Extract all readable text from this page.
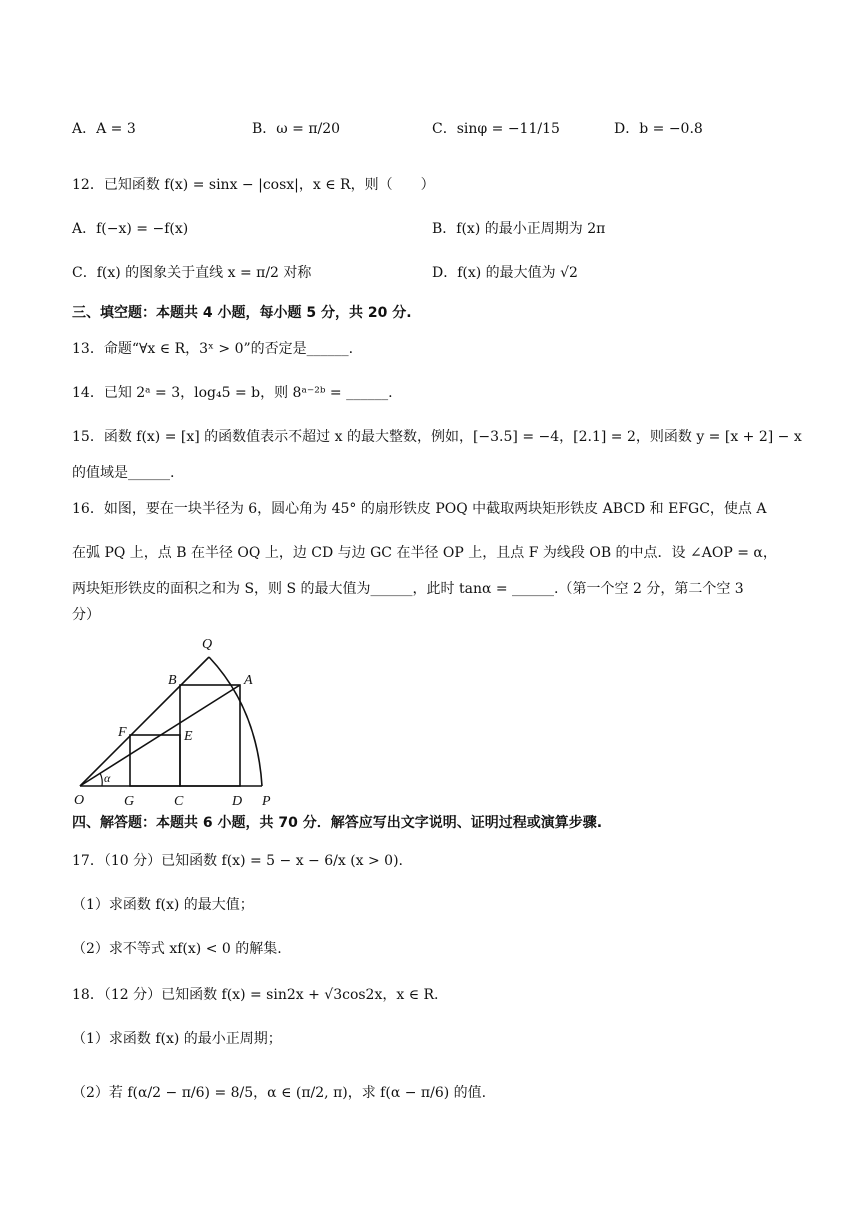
A．A = 3	B．ω = π/20	C．sinφ = −11/15	D．b = −0.8
12．已知函数 f(x) = sinx − |cosx|，x ∈ R，则（　　）
A．f(−x) = −f(x)	B．f(x) 的最小正周期为 2π
C．f(x) 的图象关于直线 x = π/2 对称	D．f(x) 的最大值为 √2
三、填空题：本题共 4 小题，每小题 5 分，共 20 分.
13．命题“∀x ∈ R，3ˣ > 0”的否定是______.
14．已知 2ᵃ = 3，log₄5 = b，则 8ᵃ⁻²ᵇ = ______.
15．函数 f(x) = [x] 的函数值表示不超过 x 的最大整数，例如，[−3.5] = −4，[2.1] = 2，则函数 y = [x + 2] − x
的值域是______.
16．如图，要在一块半径为 6，圆心角为 45° 的扇形铁皮 POQ 中截取两块矩形铁皮 ABCD 和 EFGC，使点 A
在弧 PQ 上，点 B 在半径 OQ 上，边 CD 与边 GC 在半径 OP 上，且点 F 为线段 OB 的中点．设 ∠AOP = α，
两块矩形铁皮的面积之和为 S，则 S 的最大值为______，此时 tanα = ______.（第一个空 2 分，第二个空 3
分）
Q
B	A
F	E
α
O	G	C	D P
四、解答题：本题共 6 小题，共 70 分．解答应写出文字说明、证明过程或演算步骤.
17．（10 分）已知函数 f(x) = 5 − x − 6/x (x > 0).
（1）求函数 f(x) 的最大值；
（2）求不等式 xf(x) < 0 的解集.
18．（12 分）已知函数 f(x) = sin2x + √3cos2x，x ∈ R.
（1）求函数 f(x) 的最小正周期；
（2）若 f(α/2 − π/6) = 8/5，α ∈ (π/2, π)，求 f(α − π/6) 的值.
